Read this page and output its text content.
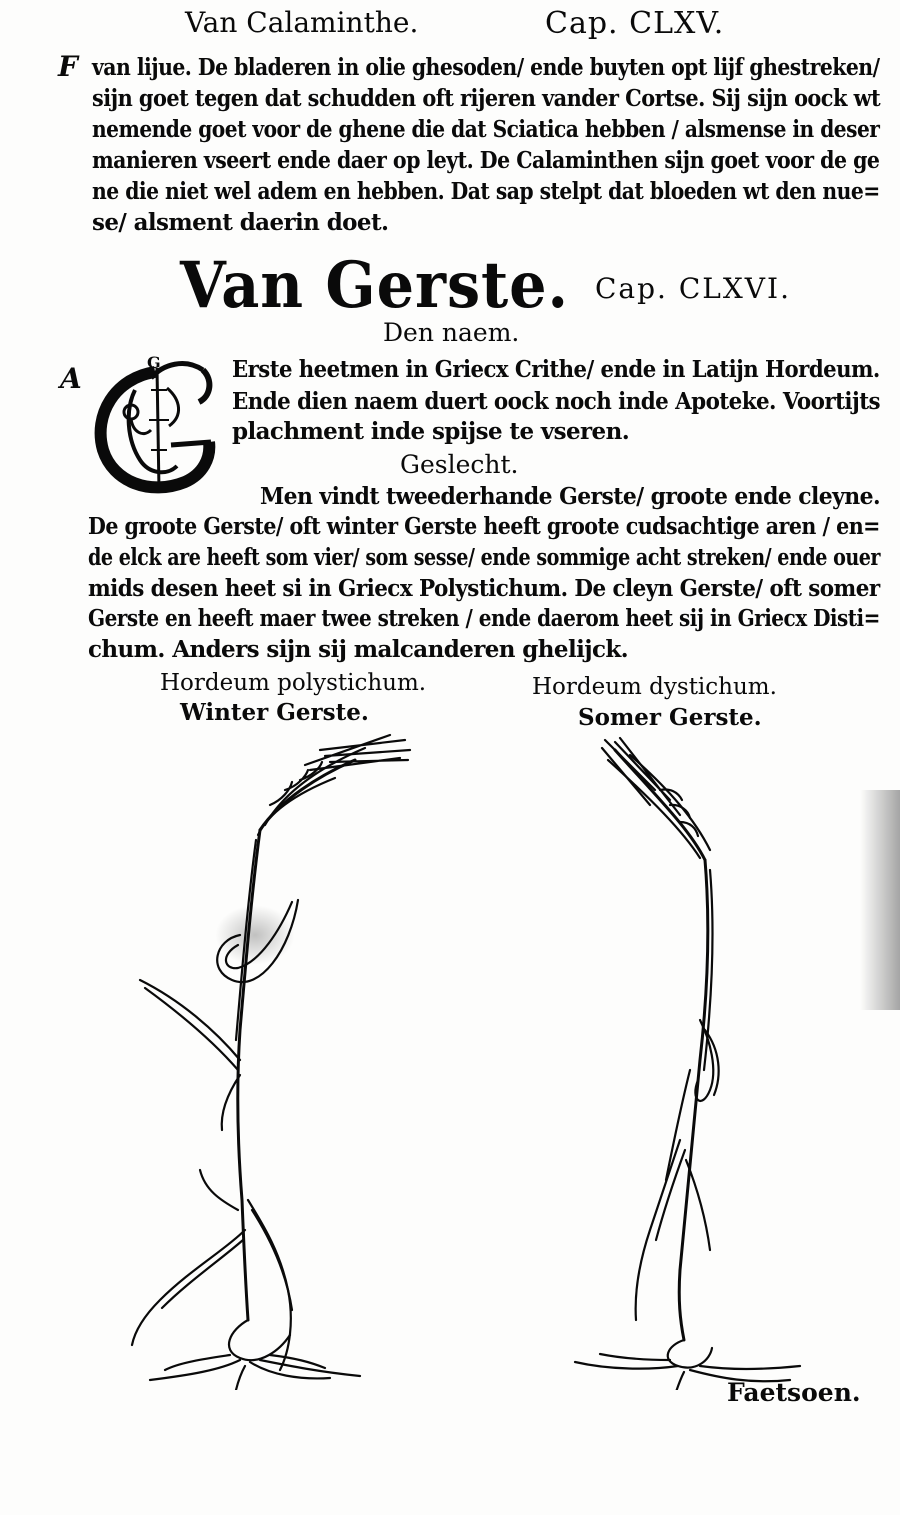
Van Calaminthe.	Cap. CLXV.
F van lijue. De bladeren in olie ghesoden/ ende buyten opt lijf ghestreken/
sijn goet tegen dat schudden oft rijeren vander Cortse. Sij sijn oock wt
nemende goet voor de ghene die dat Sciatica hebben / alsmense in deser
manieren vseert ende daer op leyt. De Calaminthen sijn goet voor de ge
ne die niet wel adem en hebben. Dat sap stelpt dat bloeden wt den nue=
se/ alsment daerin doet.
Van Gerste. Cap. CLXVI.
Den naem.
A	G	Erste heetmen in Griecx Crithe/ ende in Latijn Hordeum.
Ende dien naem duert oock noch inde Apoteke. Voortijts
plachment inde spijse te vseren.
Geslecht.
Men vindt tweederhande Gerste/ groote ende cleyne.
De groote Gerste/ oft winter Gerste heeft groote cudsachtige aren / en=
de elck are heeft som vier/ som sesse/ ende sommige acht streken/ ende ouer
mids desen heet si in Griecx Polystichum. De cleyn Gerste/ oft somer
Gerste en heeft maer twee streken / ende daerom heet sij in Griecx Disti=
chum. Anders sijn sij malcanderen ghelijck.
Hordeum polystichum.
Winter Gerste.
Hordeum dystichum.
Somer Gerste.
Faetsoen.
